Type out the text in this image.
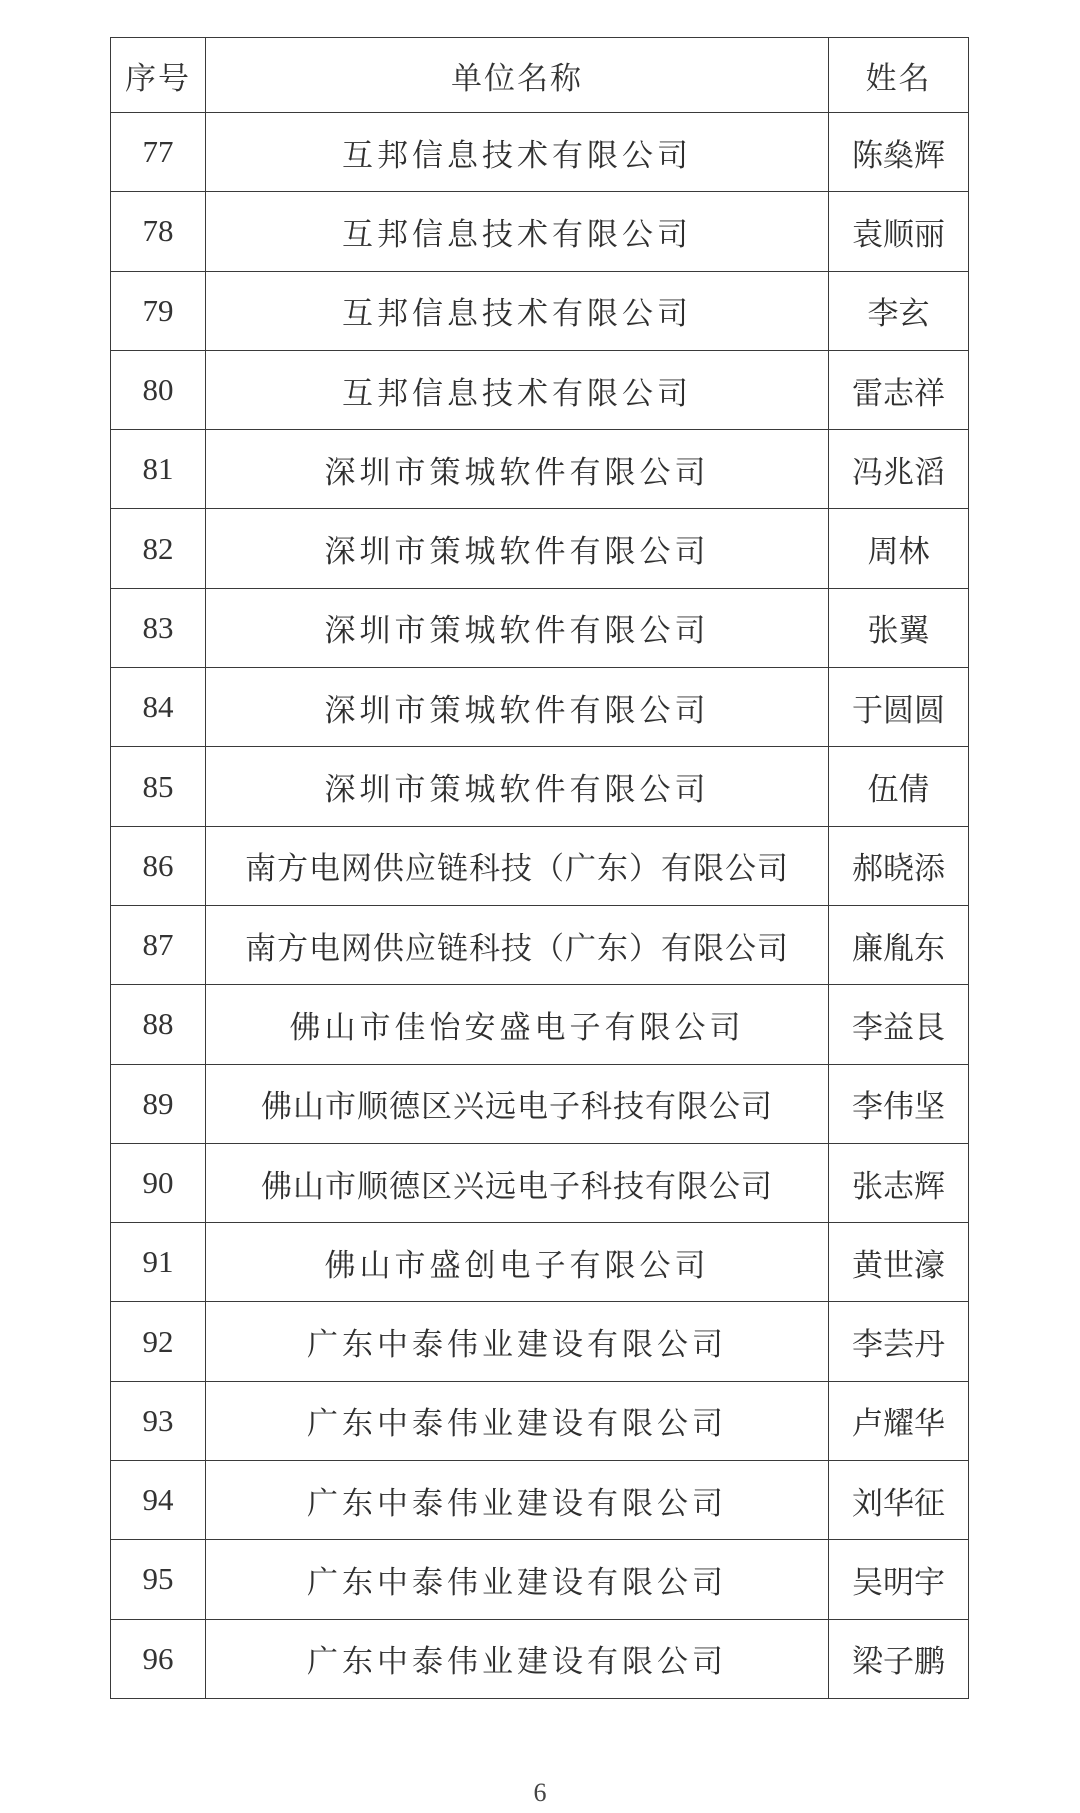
序号	单位名称	姓名
77	互邦信息技术有限公司	陈燊辉
78	互邦信息技术有限公司	袁顺丽
79	互邦信息技术有限公司	李玄
80	互邦信息技术有限公司	雷志祥
81	深圳市策城软件有限公司	冯兆滔
82	深圳市策城软件有限公司	周林
83	深圳市策城软件有限公司	张翼
84	深圳市策城软件有限公司	于圆圆
85	深圳市策城软件有限公司	伍倩
86	南方电网供应链科技（广东）有限公司	郝晓添
87	南方电网供应链科技（广东）有限公司	廉胤东
88	佛山市佳怡安盛电子有限公司	李益艮
89	佛山市顺德区兴远电子科技有限公司	李伟坚
90	佛山市顺德区兴远电子科技有限公司	张志辉
91	佛山市盛创电子有限公司	黄世濠
92	广东中泰伟业建设有限公司	李芸丹
93	广东中泰伟业建设有限公司	卢耀华
94	广东中泰伟业建设有限公司	刘华征
95	广东中泰伟业建设有限公司	吴明宇
96	广东中泰伟业建设有限公司	梁子鹏
6
